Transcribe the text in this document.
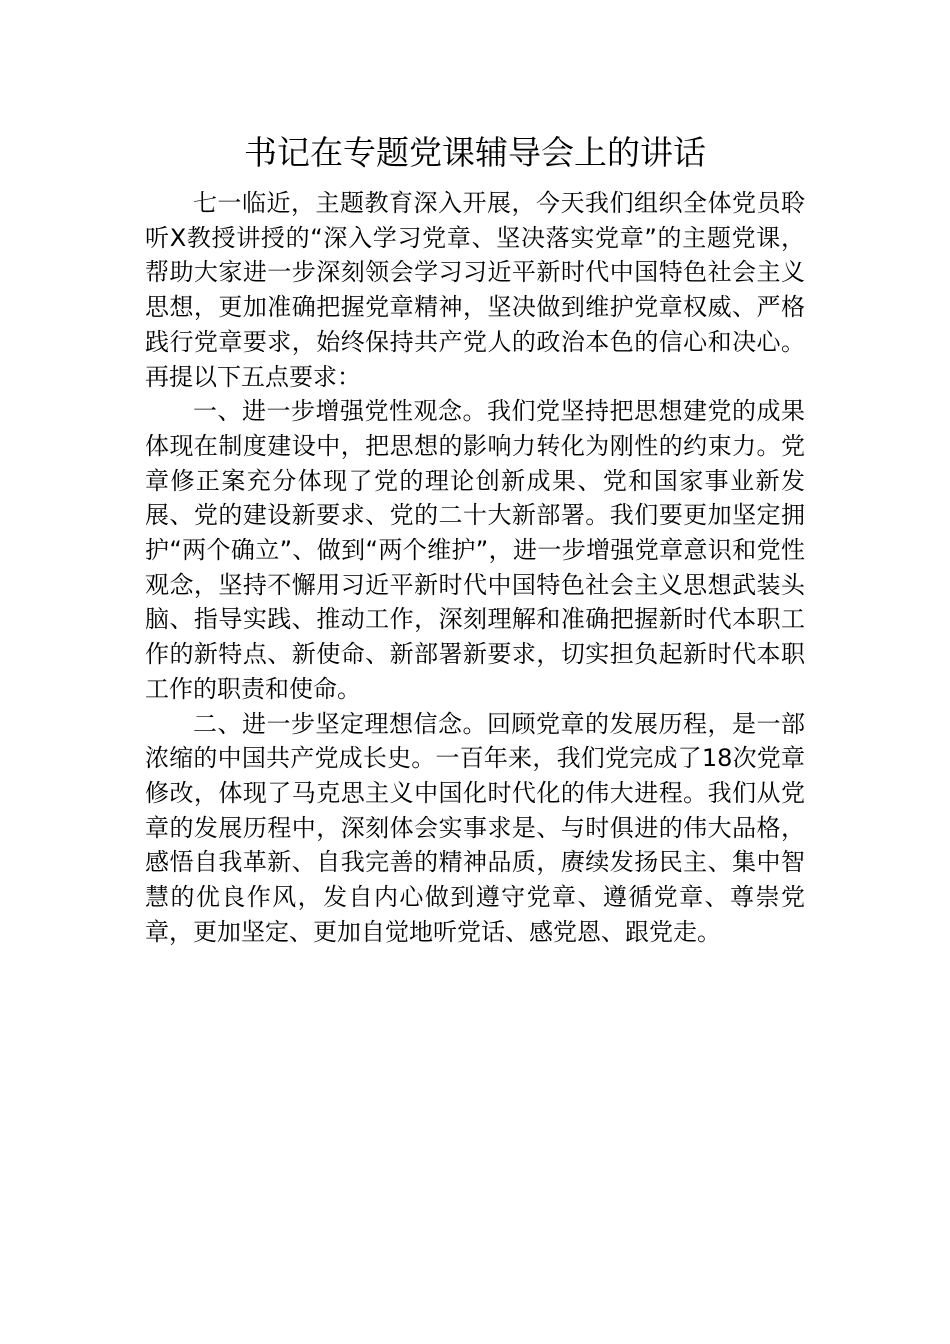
书记在专题党课辅导会上的讲话

七一临近，主题教育深入开展，今天我们组织全体党员聆听X教授讲授的“深入学习党章、坚决落实党章”的主题党课，帮助大家进一步深刻领会学习习近平新时代中国特色社会主义思想，更加准确把握党章精神，坚决做到维护党章权威、严格践行党章要求，始终保持共产党人的政治本色的信心和决心。再提以下五点要求：

一、进一步增强党性观念。我们党坚持把思想建党的成果体现在制度建设中，把思想的影响力转化为刚性的约束力。党章修正案充分体现了党的理论创新成果、党和国家事业新发展、党的建设新要求、党的二十大新部署。我们要更加坚定拥护“两个确立”、做到“两个维护”，进一步增强党章意识和党性观念，坚持不懈用习近平新时代中国特色社会主义思想武装头脑、指导实践、推动工作，深刻理解和准确把握新时代本职工作的新特点、新使命、新部署新要求，切实担负起新时代本职工作的职责和使命。

二、进一步坚定理想信念。回顾党章的发展历程，是一部浓缩的中国共产党成长史。一百年来，我们党完成了18次党章修改，体现了马克思主义中国化时代化的伟大进程。我们从党章的发展历程中，深刻体会实事求是、与时俱进的伟大品格，感悟自我革新、自我完善的精神品质，赓续发扬民主、集中智慧的优良作风，发自内心做到遵守党章、遵循党章、尊崇党章，更加坚定、更加自觉地听党话、感党恩、跟党走。
